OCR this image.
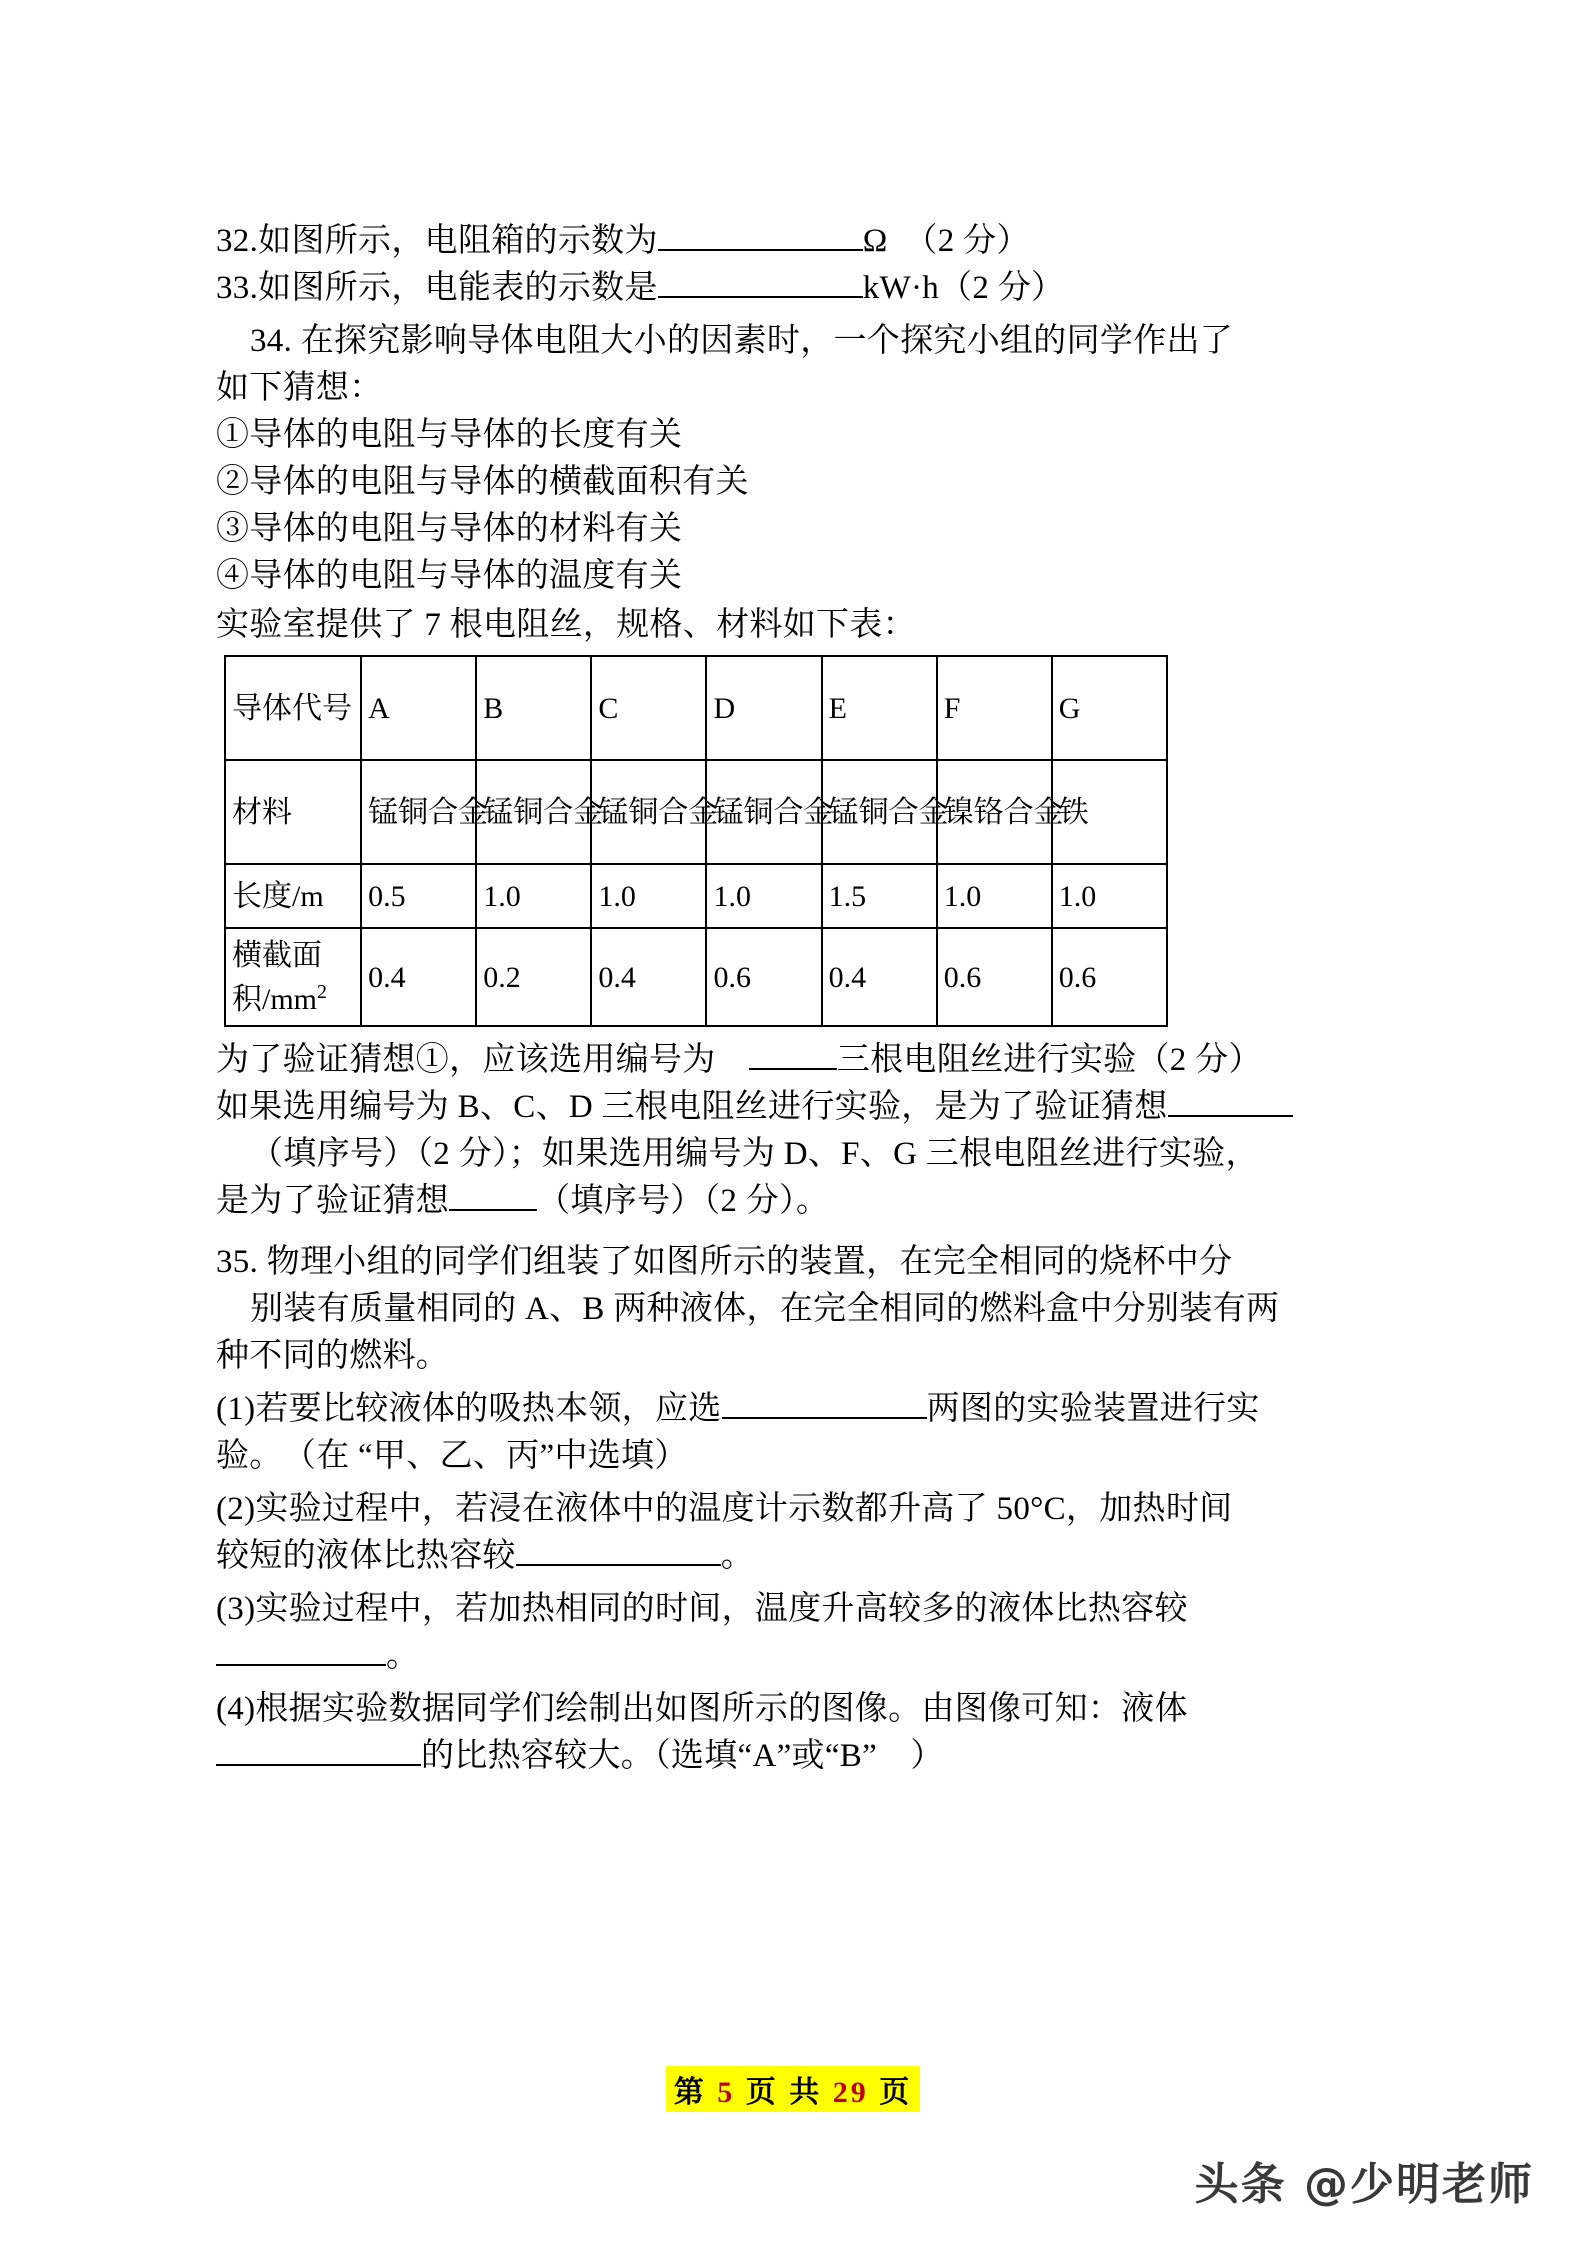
32.如图所示，电阻箱的示数为	Ω　（2 分）
33.如图所示，电能表的示数是	kW·h（2 分）
34. 在探究影响导体电阻大小的因素时，一个探究小组的同学作出了
如下猜想：
①导体的电阻与导体的长度有关
②导体的电阻与导体的横截面积有关
③导体的电阻与导体的材料有关
④导体的电阻与导体的温度有关
实验室提供了 7 根电阻丝，规格、材料如下表：
导体代号	A	B	C	D	E	F	G
材料	锰铜合金	锰铜合金	锰铜合金	锰铜合金	锰铜合金	镍铬合金	铁
长度/m	0.5	1.0	1.0	1.0	1.5	1.0	1.0
横截面积$/mm^2$	0.4	0.2	0.4	0.6	0.4	0.6	0.6
为了验证猜想①，应该选用编号为　	三根电阻丝进行实验（2 分）
如果选用编号为 B、C、D 三根电阻丝进行实验，是为了验证猜想
（填序号）（2 分）；如果选用编号为 D、F、G 三根电阻丝进行实验，
是为了验证猜想	（填序号）（2 分）。
35. 物理小组的同学们组装了如图所示的装置，在完全相同的烧杯中分
别装有质量相同的 A、B 两种液体，在完全相同的燃料盒中分别装有两
种不同的燃料。
(1)若要比较液体的吸热本领，应选	两图的实验装置进行实
验。　（在 “甲、乙、丙”中选填）
(2)实验过程中，若浸在液体中的温度计示数都升高了 50°C，加热时间
较短的液体比热容较	。
(3)实验过程中，若加热相同的时间，温度升高较多的液体比热容较
。
(4)根据实验数据同学们绘制出如图所示的图像。由图像可知：液体
的比热容较大。（选填“A”或“B”　）
第 5 页 共 29 页
头条 @少明老师
